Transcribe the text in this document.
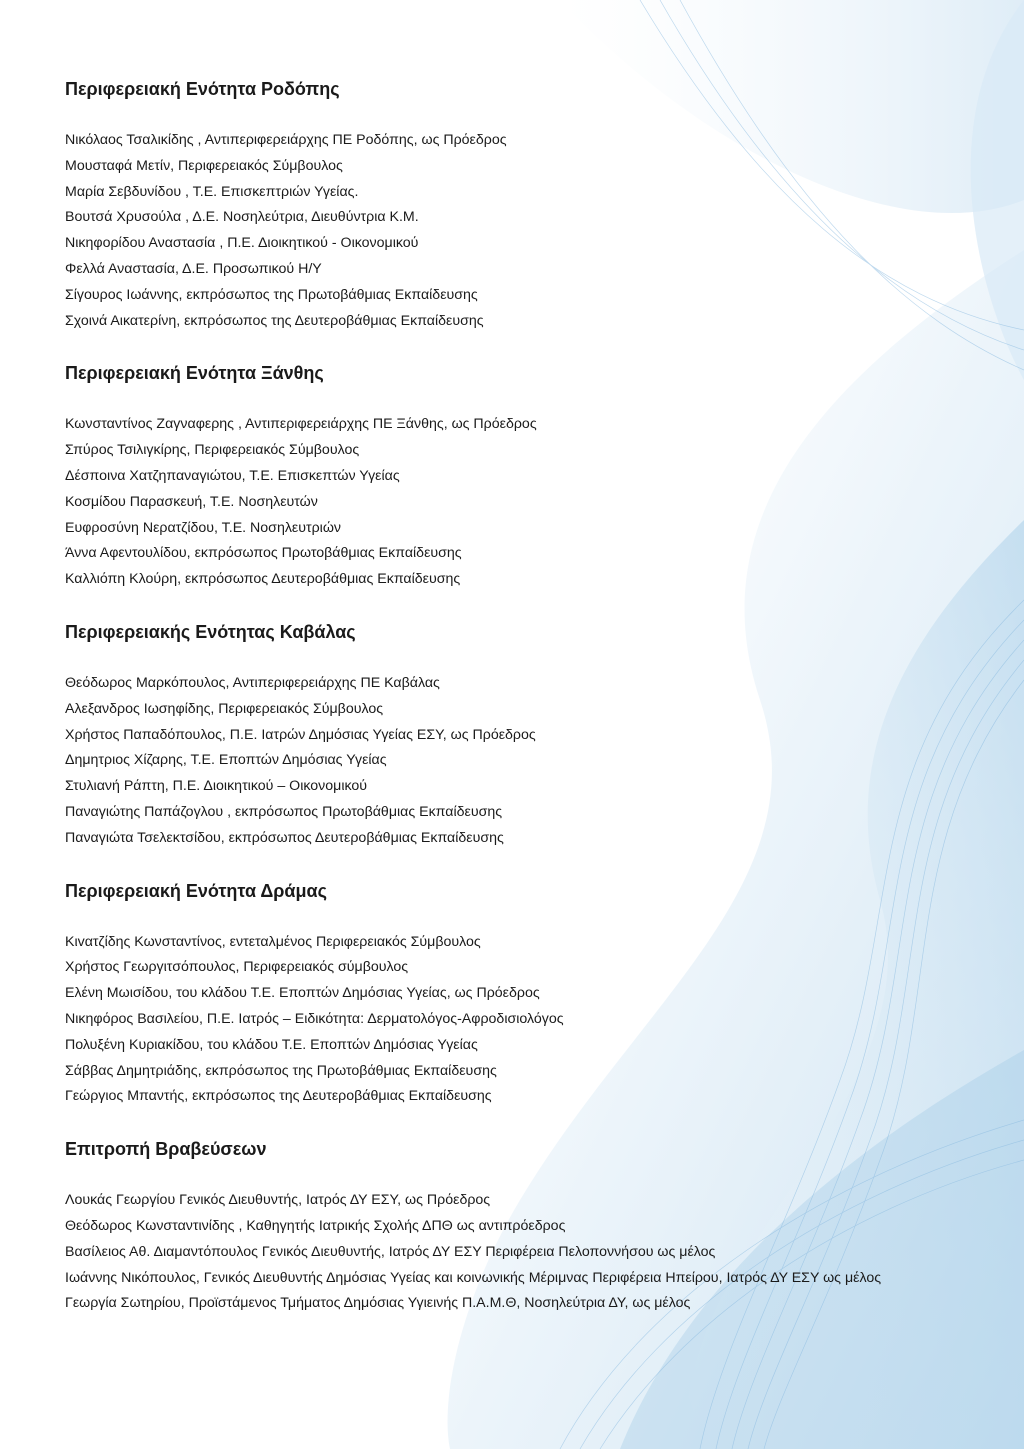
Περιφερειακή Ενότητα Ροδόπης
Νικόλαος Τσαλικίδης , Αντιπεριφερειάρχης ΠΕ Ροδόπης, ως Πρόεδρος
Μουσταφά Μετίν, Περιφερειακός Σύμβουλος
Μαρία Σεβδυνίδου , Τ.Ε. Επισκεπτριών Υγείας.
Βουτσά Χρυσούλα , Δ.Ε. Νοσηλεύτρια, Διευθύντρια Κ.Μ.
Νικηφορίδου Αναστασία , Π.Ε. Διοικητικού - Οικονομικού
Φελλά Αναστασία, Δ.Ε. Προσωπικού Η/Υ
Σίγουρος Ιωάννης, εκπρόσωπος της Πρωτοβάθμιας Εκπαίδευσης
Σχοινά Αικατερίνη, εκπρόσωπος της Δευτεροβάθμιας Εκπαίδευσης
Περιφερειακή Ενότητα Ξάνθης
Κωνσταντίνος Ζαγναφερης , Αντιπεριφερειάρχης ΠΕ Ξάνθης, ως Πρόεδρος
Σπύρος Τσιλιγκίρης, Περιφερειακός Σύμβουλος
Δέσποινα Χατζηπαναγιώτου, Τ.Ε. Επισκεπτών Υγείας
Κοσμίδου Παρασκευή, Τ.Ε. Νοσηλευτών
Ευφροσύνη Νερατζίδου, Τ.Ε. Νοσηλευτριών
Άννα Αφεντουλίδου, εκπρόσωπος Πρωτοβάθμιας Εκπαίδευσης
Καλλιόπη Κλούρη, εκπρόσωπος Δευτεροβάθμιας Εκπαίδευσης
Περιφερειακής Ενότητας Καβάλας
Θεόδωρος Μαρκόπουλος, Αντιπεριφερειάρχης ΠΕ Καβάλας
Αλεξανδρος Ιωσηφίδης, Περιφερειακός Σύμβουλος
Χρήστος Παπαδόπουλος, Π.Ε. Ιατρών Δημόσιας Υγείας ΕΣΥ, ως Πρόεδρος
Δημητριος Χίζαρης, Τ.Ε. Εποπτών Δημόσιας Υγείας
Στυλιανή Ράπτη, Π.Ε. Διοικητικού – Οικονομικού
Παναγιώτης Παπάζογλου , εκπρόσωπος Πρωτοβάθμιας Εκπαίδευσης
Παναγιώτα Τσελεκτσίδου, εκπρόσωπος Δευτεροβάθμιας Εκπαίδευσης
Περιφερειακή Ενότητα Δράμας
Κιvατζίδης Κωνσταντίνος, εντεταλμένος Περιφερειακός Σύμβουλος
Χρήστος Γεωργιτσόπουλος, Περιφερειακός σύμβουλος
Ελένη Μωισίδου, του κλάδου Τ.Ε. Εποπτών Δημόσιας Υγείας, ως Πρόεδρος
Νικηφόρος Βασιλείου, Π.Ε. Ιατρός – Ειδικότητα: Δερματολόγος-Αφροδισιολόγος
Πολυξένη Κυριακίδου, του κλάδου Τ.Ε. Εποπτών Δημόσιας Υγείας
Σάββας Δημητριάδης, εκπρόσωπος της Πρωτοβάθμιας Εκπαίδευσης
Γεώργιος Μπαντής, εκπρόσωπος της Δευτεροβάθμιας Εκπαίδευσης
Επιτροπή Βραβεύσεων
Λουκάς Γεωργίου Γενικός Διευθυντής, Ιατρός ΔΥ ΕΣΥ, ως Πρόεδρος
Θεόδωρος Κωνσταντινίδης , Καθηγητής Ιατρικής Σχολής ΔΠΘ ως αντιπρόεδρος
Βασίλειος Αθ. Διαμαντόπουλος Γενικός Διευθυντής, Ιατρός ΔΥ ΕΣΥ Περιφέρεια Πελοποννήσου ως μέλος
Ιωάννης Νικόπουλος, Γενικός Διευθυντής Δημόσιας Υγείας και κοινωνικής Μέριμνας Περιφέρεια Ηπείρου, Ιατρός ΔΥ ΕΣΥ ως μέλος
Γεωργία Σωτηρίου, Προϊστάμενος Τμήματος Δημόσιας Υγιεινής Π.Α.Μ.Θ, Νοσηλεύτρια ΔΥ, ως μέλος
